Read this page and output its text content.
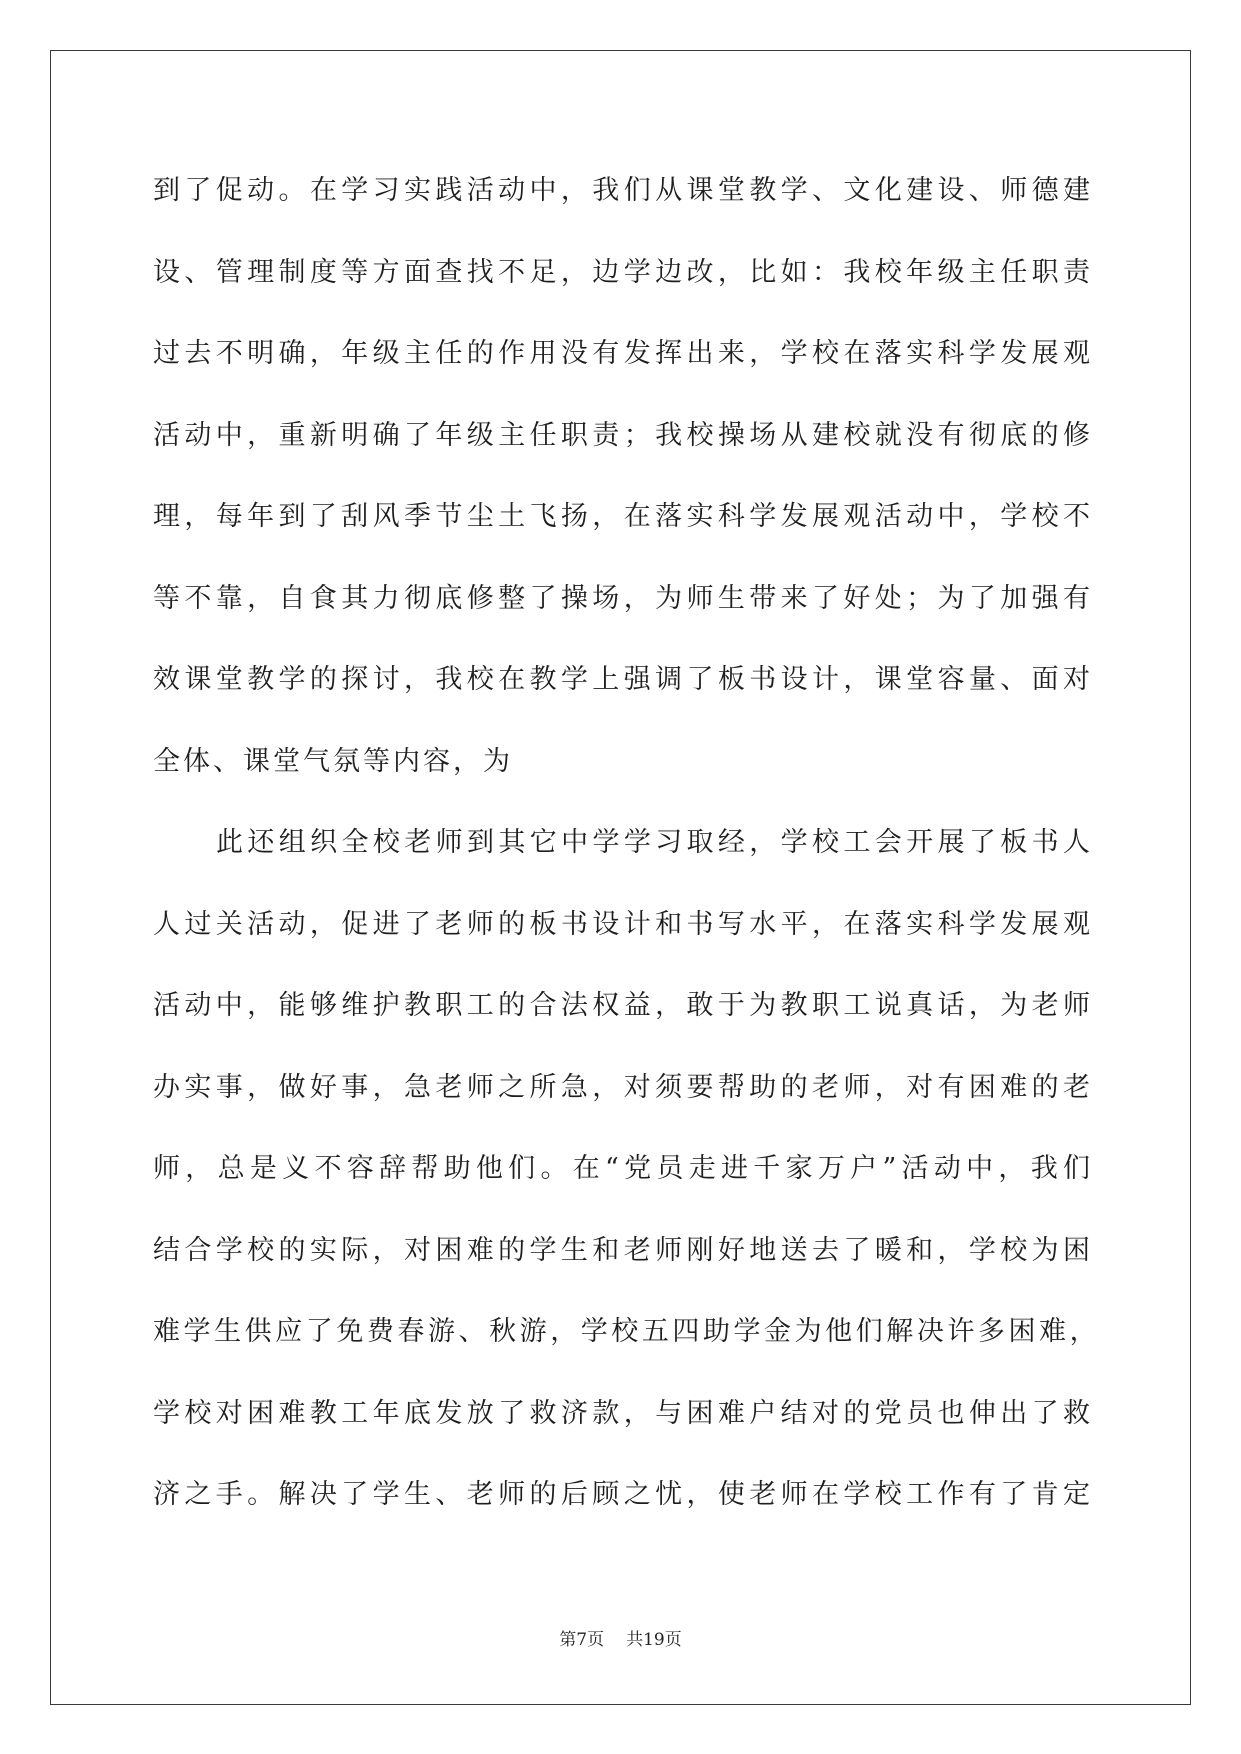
到了促动。在学习实践活动中，我们从课堂教学、文化建设、师德建
设、管理制度等方面查找不足，边学边改，比如：我校年级主任职责
过去不明确，年级主任的作用没有发挥出来，学校在落实科学发展观
活动中，重新明确了年级主任职责；我校操场从建校就没有彻底的修
理，每年到了刮风季节尘土飞扬，在落实科学发展观活动中，学校不
等不靠，自食其力彻底修整了操场，为师生带来了好处；为了加强有
效课堂教学的探讨，我校在教学上强调了板书设计，课堂容量、面对
全体、课堂气氛等内容，为
此还组织全校老师到其它中学学习取经，学校工会开展了板书人
人过关活动，促进了老师的板书设计和书写水平，在落实科学发展观
活动中，能够维护教职工的合法权益，敢于为教职工说真话，为老师
办实事，做好事，急老师之所急，对须要帮助的老师，对有困难的老
师，总是义不容辞帮助他们。在“党员走进千家万户”活动中，我们
结合学校的实际，对困难的学生和老师刚好地送去了暖和，学校为困
难学生供应了免费春游、秋游，学校五四助学金为他们解决许多困难，
学校对困难教工年底发放了救济款，与困难户结对的党员也伸出了救
济之手。解决了学生、老师的后顾之忧，使老师在学校工作有了肯定
第7页 共19页
